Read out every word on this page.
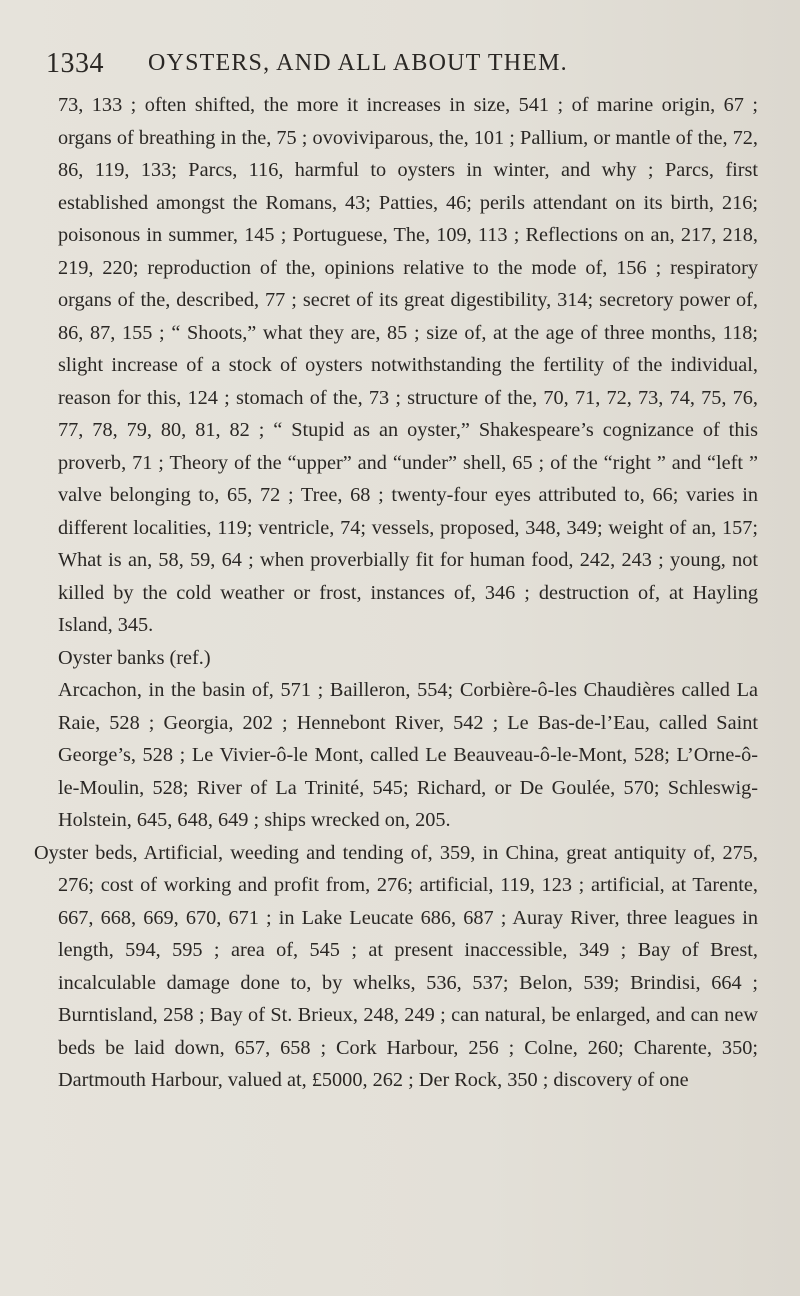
1334 OYSTERS, AND ALL ABOUT THEM.

73, 133 ; often shifted, the more it increases in size, 541 ; of marine origin, 67 ; organs of breathing in the, 75 ; ovoviviparous, the, 101 ; Pallium, or mantle of the, 72, 86, 119, 133; Parcs, 116, harmful to oysters in winter, and why ; Parcs, first established amongst the Romans, 43; Patties, 46; perils attendant on its birth, 216; poisonous in summer, 145 ; Portuguese, The, 109, 113 ; Reflections on an, 217, 218, 219, 220; reproduction of the, opinions relative to the mode of, 156 ; respiratory organs of the, described, 77 ; secret of its great digestibility, 314; secretory power of, 86, 87, 155 ; “ Shoots,” what they are, 85 ; size of, at the age of three months, 118; slight increase of a stock of oysters notwithstanding the fertility of the individual, reason for this, 124 ; stomach of the, 73 ; structure of the, 70, 71, 72, 73, 74, 75, 76, 77, 78, 79, 80, 81, 82 ; “ Stupid as an oyster,” Shakespeare’s cognizance of this proverb, 71 ; Theory of the “upper” and “under” shell, 65 ; of the “right ” and “left ” valve belonging to, 65, 72 ; Tree, 68 ; twenty-four eyes attributed to, 66; varies in different localities, 119; ventricle, 74; vessels, proposed, 348, 349; weight of an, 157; What is an, 58, 59, 64 ; when proverbially fit for human food, 242, 243 ; young, not killed by the cold weather or frost, instances of, 346 ; destruction of, at Hayling Island, 345.

Oyster banks (ref.)

Arcachon, in the basin of, 571 ; Bailleron, 554; Corbière-ô-les Chaudières called La Raie, 528 ; Georgia, 202 ; Hennebont River, 542 ; Le Bas-de-l’Eau, called Saint George’s, 528 ; Le Vivier-ô-le Mont, called Le Beauveau-ô-le-Mont, 528; L’Orne-ô-le-Moulin, 528; River of La Trinité, 545; Richard, or De Goulée, 570; Schleswig-Holstein, 645, 648, 649 ; ships wrecked on, 205.

Oyster beds, Artificial, weeding and tending of, 359, in China, great antiquity of, 275, 276; cost of working and profit from, 276; artificial, 119, 123 ; artificial, at Tarente, 667, 668, 669, 670, 671 ; in Lake Leucate 686, 687 ; Auray River, three leagues in length, 594, 595 ; area of, 545 ; at present inaccessible, 349 ; Bay of Brest, incalculable damage done to, by whelks, 536, 537; Belon, 539; Brindisi, 664 ; Burntisland, 258 ; Bay of St. Brieux, 248, 249 ; can natural, be enlarged, and can new beds be laid down, 657, 658 ; Cork Harbour, 256 ; Colne, 260; Charente, 350; Dartmouth Harbour, valued at, £5000, 262 ; Der Rock, 350 ; discovery of one
